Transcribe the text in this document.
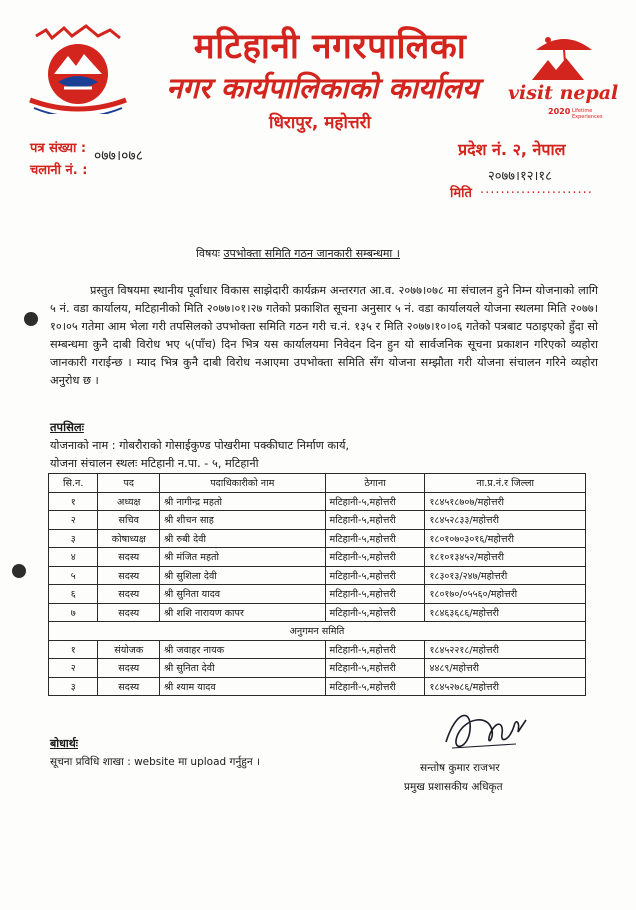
मटिहानी नगरपालिका
नगर कार्यपालिकाको कार्यालय
धिरापुर, महोत्तरी
visit nepal
2020 Lifetime Experiences
पत्र संख्या : ०७७।०७८
चलानी नं. :
प्रदेश नं. २, नेपाल
२०७७।१२।१८
मिति ......................
विषयः उपभोक्ता समिति गठन जानकारी सम्बन्धमा ।
प्रस्तुत विषयमा स्थानीय पूर्वाधार विकास साझेदारी कार्यक्रम अन्तरगत आ.व. २०७७।०७८ मा संचालन हुने निम्न योजनाको लागि ५ नं. वडा कार्यालय, मटिहानीको मिति २०७७।०१।२७ गतेको प्रकाशित सूचना अनुसार ५ नं. वडा कार्यालयले योजना स्थलमा मिति २०७७।१०।०५ गतेमा आम भेला गरी तपसिलको उपभोक्ता समिति गठन गरी च.नं. १३५ र मिति २०७७।१०।०६ गतेको पत्रबाट पठाइएको हुँदा सो सम्बन्धमा कुनै दाबी विरोध भए ५(पाँच) दिन भित्र यस कार्यालयमा निवेदन दिन हुन यो सार्वजनिक सूचना प्रकाशन गरिएको व्यहोरा जानकारी गराईन्छ । म्याद भित्र कुनै दाबी विरोध नआएमा उपभोक्ता समिति सँग योजना सम्झौता गरी योजना संचालन गरिने व्यहोरा अनुरोध छ ।
तपसिलः
योजनाको नाम : गोबरौराको गोसाईकुण्ड पोखरीमा पक्कीघाट निर्माण कार्य,
योजना संचालन स्थलः मटिहानी न.पा. - ५, मटिहानी
सि.न.	पद	पदाधिकारीको नाम	ठेगाना	ना.प्र.नं.र जिल्ला
१	अध्यक्ष	श्री नागीन्द्र महतो	मटिहानी-५,महोत्तरी	१८४५१८७०७/महोत्तरी
२	सचिव	श्री शीचन साह	मटिहानी-५,महोत्तरी	१८४५२८३३/महोत्तरी
३	कोषाध्यक्ष	श्री रुबी देवी	मटिहानी-५,महोत्तरी	१८०१०७०३०१६/महोत्तरी
४	सदस्य	श्री मंजित महतो	मटिहानी-५,महोत्तरी	१८१०१३४५२/महोत्तरी
५	सदस्य	श्री सुशिला देवी	मटिहानी-५,महोत्तरी	१८३०१३/२४७/महोत्तरी
६	सदस्य	श्री सुनिता यादव	मटिहानी-५,महोत्तरी	१८०१७०/०५५६०/महोत्तरी
७	सदस्य	श्री शशि नारायण कापर	मटिहानी-५,महोत्तरी	१८४६३६८६/महोत्तरी
अनुगमन समिति				
१	संयोजक	श्री जवाहर नायक	मटिहानी-५,महोत्तरी	१८४५२२१८/महोत्तरी
२	सदस्य	श्री सुनिता देवी	मटिहानी-५,महोत्तरी	४४८९/महोत्तरी
३	सदस्य	श्री श्याम यादव	मटिहानी-५,महोत्तरी	१८४५२७८६/महोत्तरी
बोधार्थः
सूचना प्रविधि शाखा : website मा upload गर्नुहुन ।	सन्तोष कुमार राजभर
प्रमुख प्रशासकीय अधिकृत
